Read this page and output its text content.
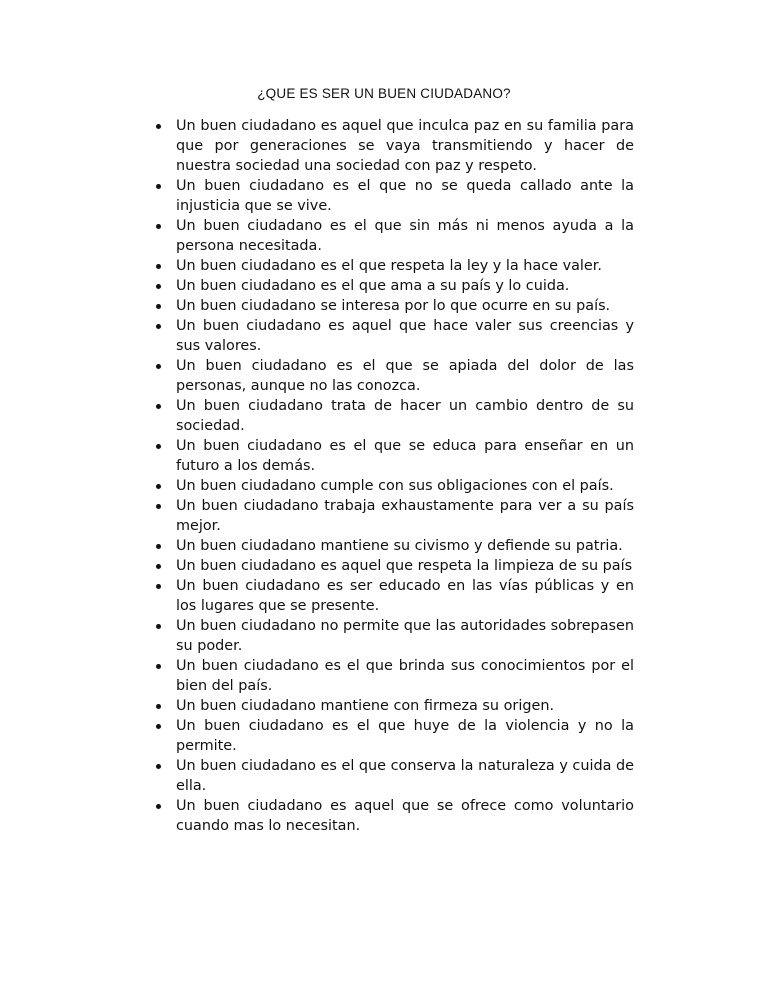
¿QUE ES SER UN BUEN CIUDADANO?
Un buen ciudadano es aquel que inculca paz en su familia para que por generaciones se vaya transmitiendo y hacer de nuestra sociedad una sociedad con paz y respeto.
Un buen ciudadano es el que no se queda callado ante la injusticia que se vive.
Un buen ciudadano es el que sin más ni menos ayuda a la persona necesitada.
Un buen ciudadano es el que respeta la ley y la hace valer.
Un buen ciudadano es el que ama a su país y lo cuida.
Un buen ciudadano se interesa por lo que ocurre en su país.
Un buen ciudadano es aquel que hace valer sus creencias y sus valores.
Un buen ciudadano es el que se apiada del dolor de las personas, aunque no las conozca.
Un buen ciudadano trata de hacer un cambio dentro de su sociedad.
Un buen ciudadano es el que se educa para enseñar en un futuro a los demás.
Un buen ciudadano cumple con sus obligaciones con el país.
Un buen ciudadano trabaja exhaustamente para ver a su país mejor.
Un buen ciudadano mantiene su civismo y defiende su patria.
Un buen ciudadano es aquel que respeta la limpieza de su país
Un buen ciudadano es ser educado en las vías públicas y en los lugares que se presente.
Un buen ciudadano no permite que las autoridades sobrepasen su poder.
Un buen ciudadano es el que brinda sus conocimientos por el bien del país.
Un buen ciudadano mantiene con firmeza su origen.
Un buen ciudadano es el que huye de la violencia y no la permite.
Un buen ciudadano es el que conserva la naturaleza y cuida de ella.
Un buen ciudadano es aquel que se ofrece como voluntario cuando mas lo necesitan.
